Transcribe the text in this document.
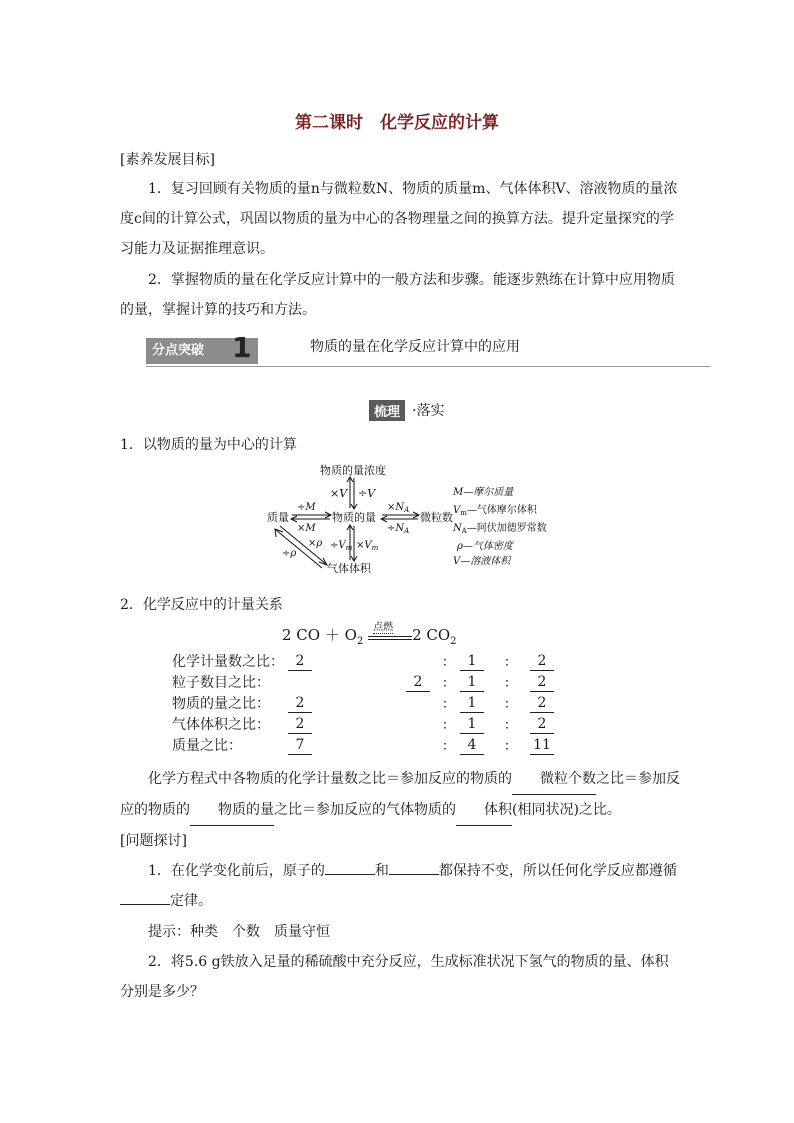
第二课时　化学反应的计算
[素养发展目标]
1．复习回顾有关物质的量n与微粒数N、物质的质量m、气体体积V、溶液物质的量浓度c间的计算公式，巩固以物质的量为中心的各物理量之间的换算方法。提升定量探究的学习能力及证据推理意识。
2．掌握物质的量在化学反应计算中的一般方法和步骤。能逐步熟练在计算中应用物质的量，掌握计算的技巧和方法。
分点突破 1	物质的量在化学反应计算中的应用
梳理 ·落实
1．以物质的量为中心的计算
物质的量浓度
物质的量
质量	微粒数
气体体积
×V ÷V
÷M
×M
$\times N_A$
$\div N_A$
×ρ
÷ρ
$\div V_m \times V_m$
M—摩尔质量
$V_m—$气体摩尔体积
$N_A—$阿伏加德罗常数
ρ—气体密度
V—溶液体积
2．化学反应中的计量关系
2 CO ＋ $O_2$
点燃 2 $CO_2$
化学计量数之比：	2	∶	1	∶	2
粒子数目之比：	2	∶	1	∶	2
物质的量之比：	2	∶	1	∶	2
气体体积之比：	2	∶	1	∶	2
质量之比：	7	∶	4	∶	11
化学方程式中各物质的化学计量数之比＝参加反应的物质的 微粒个数之比＝参加反应的物质的 物质的量之比＝参加反应的气体物质的 体积(相同状况)之比。
[问题探讨]
1．在化学变化前后，原子的	和	都保持不变，所以任何化学反应都遵循定律。
提示：种类　个数　质量守恒
2．将5.6 g铁放入足量的稀硫酸中充分反应，生成标准状况下氢气的物质的量、体积分别是多少？
